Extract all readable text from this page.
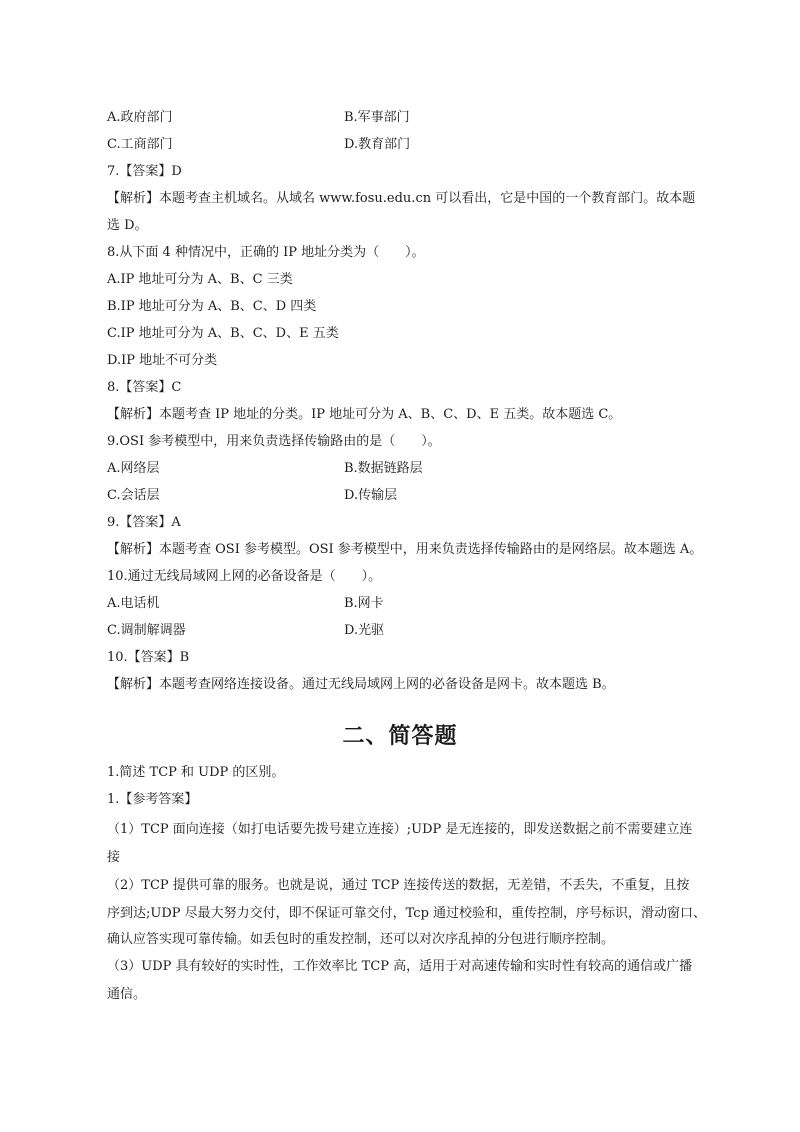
A.政府部门	B.军事部门
C.工商部门	D.教育部门
7.【答案】D
【解析】本题考查主机域名。从域名 www.fosu.edu.cn 可以看出，它是中国的一个教育部门。故本题
选 D。
8.从下面 4 种情况中，正确的 IP 地址分类为（　　）。
A.IP 地址可分为 A、B、C 三类
B.IP 地址可分为 A、B、C、D 四类
C.IP 地址可分为 A、B、C、D、E 五类
D.IP 地址不可分类
8.【答案】C
【解析】本题考查 IP 地址的分类。IP 地址可分为 A、B、C、D、E 五类。故本题选 C。
9.OSI 参考模型中，用来负责选择传输路由的是（　　）。
A.网络层	B.数据链路层
C.会话层	D.传输层
9.【答案】A
【解析】本题考查 OSI 参考模型。OSI 参考模型中，用来负责选择传输路由的是网络层。故本题选 A。
10.通过无线局域网上网的必备设备是（　　）。
A.电话机	B.网卡
C.调制解调器	D.光驱
10.【答案】B
【解析】本题考查网络连接设备。通过无线局域网上网的必备设备是网卡。故本题选 B。
二、简答题
1.简述 TCP 和 UDP 的区别。
1.【参考答案】
（1）TCP 面向连接（如打电话要先拨号建立连接）;UDP 是无连接的，即发送数据之前不需要建立连
接
（2）TCP 提供可靠的服务。也就是说，通过 TCP 连接传送的数据，无差错，不丢失，不重复，且按
序到达;UDP 尽最大努力交付，即不保证可靠交付，Tcp 通过校验和，重传控制，序号标识，滑动窗口、
确认应答实现可靠传输。如丢包时的重发控制，还可以对次序乱掉的分包进行顺序控制。
（3）UDP 具有较好的实时性，工作效率比 TCP 高，适用于对高速传输和实时性有较高的通信或广播
通信。
